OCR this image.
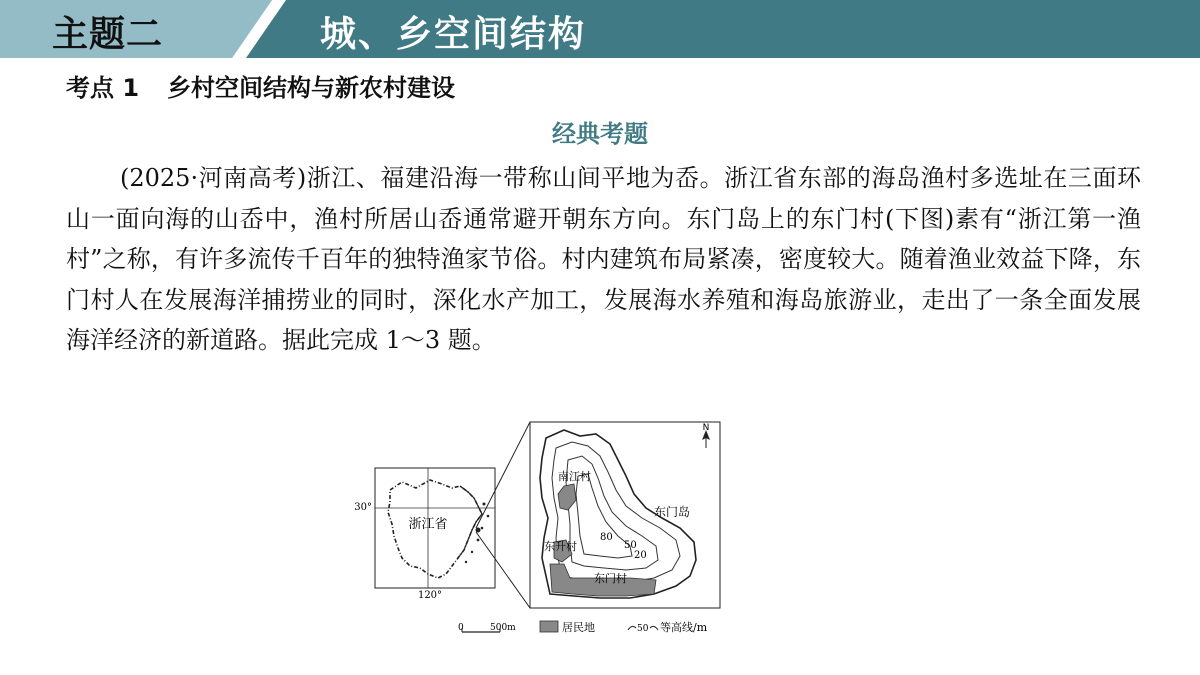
主题二	城、乡空间结构
考点 1 乡村空间结构与新农村建设
经典考题
(2025·河南高考)浙江、福建沿海一带称山间平地为岙。浙江省东部的海岛渔村多选址在三面环山一面向海的山岙中，渔村所居山岙通常避开朝东方向。东门岛上的东门村(下图)素有“浙江第一渔村”之称，有许多流传千百年的独特渔家节俗。村内建筑布局紧凑，密度较大。随着渔业效益下降，东门村人在发展海洋捕捞业的同时，深化水产加工，发展海水养殖和海岛旅游业，走出了一条全面发展海洋经济的新道路。据此完成 1～3 题。
30°
120°
浙江省
N
东门岛
南江村
东升村
东门村
80
50
20
0	500m	居民地	50 等高线/m
